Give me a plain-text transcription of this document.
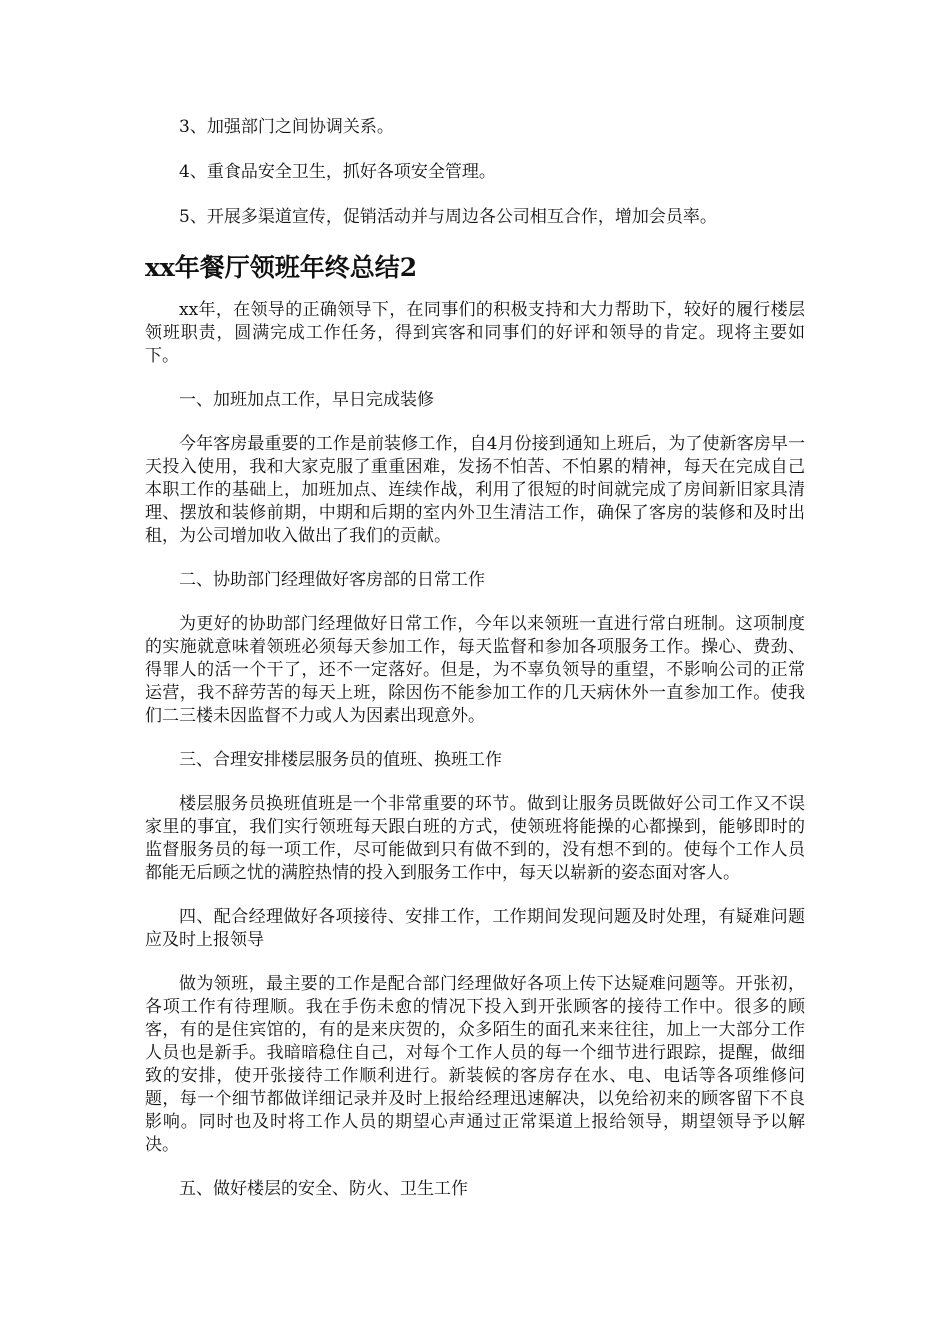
3、加强部门之间协调关系。

4、重食品安全卫生，抓好各项安全管理。

5、开展多渠道宣传，促销活动并与周边各公司相互合作，增加会员率。

xx年餐厅领班年终总结2

xx年，在领导的正确领导下，在同事们的积极支持和大力帮助下，较好的履行楼层领班职责，圆满完成工作任务，得到宾客和同事们的好评和领导的肯定。现将主要如下。

一、加班加点工作，早日完成装修

今年客房最重要的工作是前装修工作，自4月份接到通知上班后，为了使新客房早一天投入使用，我和大家克服了重重困难，发扬不怕苦、不怕累的精神，每天在完成自己本职工作的基础上，加班加点、连续作战，利用了很短的时间就完成了房间新旧家具清理、摆放和装修前期，中期和后期的室内外卫生清洁工作，确保了客房的装修和及时出租，为公司增加收入做出了我们的贡献。

二、协助部门经理做好客房部的日常工作

为更好的协助部门经理做好日常工作，今年以来领班一直进行常白班制。这项制度的实施就意味着领班必须每天参加工作，每天监督和参加各项服务工作。操心、费劲、得罪人的活一个干了，还不一定落好。但是，为不辜负领导的重望，不影响公司的正常运营，我不辞劳苦的每天上班，除因伤不能参加工作的几天病休外一直参加工作。使我们二三楼未因监督不力或人为因素出现意外。

三、合理安排楼层服务员的值班、换班工作

楼层服务员换班值班是一个非常重要的环节。做到让服务员既做好公司工作又不误家里的事宜，我们实行领班每天跟白班的方式，使领班将能操的心都操到，能够即时的监督服务员的每一项工作，尽可能做到只有做不到的，没有想不到的。使每个工作人员都能无后顾之忧的满腔热情的投入到服务工作中，每天以崭新的姿态面对客人。

四、配合经理做好各项接待、安排工作，工作期间发现问题及时处理，有疑难问题应及时上报领导

做为领班，最主要的工作是配合部门经理做好各项上传下达疑难问题等。开张初，各项工作有待理顺。我在手伤未愈的情况下投入到开张顾客的接待工作中。很多的顾客，有的是住宾馆的，有的是来庆贺的，众多陌生的面孔来来往往，加上一大部分工作人员也是新手。我暗暗稳住自己，对每个工作人员的每一个细节进行跟踪，提醒，做细致的安排，使开张接待工作顺利进行。新装候的客房存在水、电、电话等各项维修问题，每一个细节都做详细记录并及时上报给经理迅速解决，以免给初来的顾客留下不良影响。同时也及时将工作人员的期望心声通过正常渠道上报给领导，期望领导予以解决。

五、做好楼层的安全、防火、卫生工作
